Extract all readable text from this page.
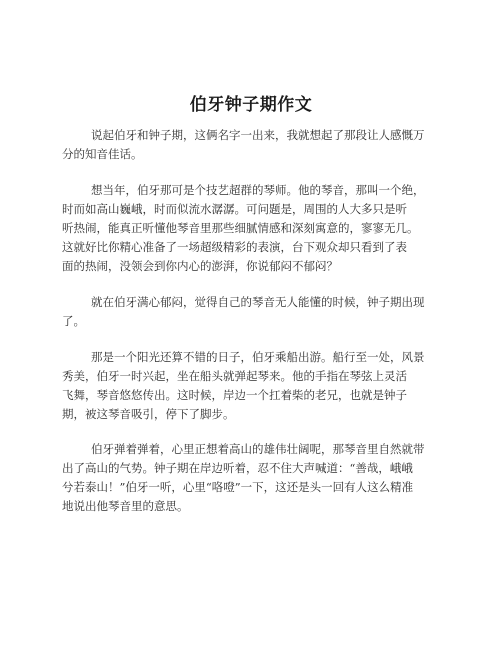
伯牙钟子期作文
说起伯牙和钟子期，这俩名字一出来，我就想起了那段让人感慨万
分的知音佳话。
想当年，伯牙那可是个技艺超群的琴师。他的琴音，那叫一个绝，
时而如高山巍峨，时而似流水潺潺。可问题是，周围的人大多只是听
听热闹，能真正听懂他琴音里那些细腻情感和深刻寓意的，寥寥无几。
这就好比你精心准备了一场超级精彩的表演，台下观众却只看到了表
面的热闹，没领会到你内心的澎湃，你说郁闷不郁闷？
就在伯牙满心郁闷，觉得自己的琴音无人能懂的时候，钟子期出现
了。
那是一个阳光还算不错的日子，伯牙乘船出游。船行至一处，风景
秀美，伯牙一时兴起，坐在船头就弹起琴来。他的手指在琴弦上灵活
飞舞，琴音悠悠传出。这时候，岸边一个扛着柴的老兄，也就是钟子
期，被这琴音吸引，停下了脚步。
伯牙弹着弹着，心里正想着高山的雄伟壮阔呢，那琴音里自然就带
出了高山的气势。钟子期在岸边听着，忍不住大声喊道：“善哉，峨峨
兮若泰山！”伯牙一听，心里“咯噔”一下，这还是头一回有人这么精准
地说出他琴音里的意思。
